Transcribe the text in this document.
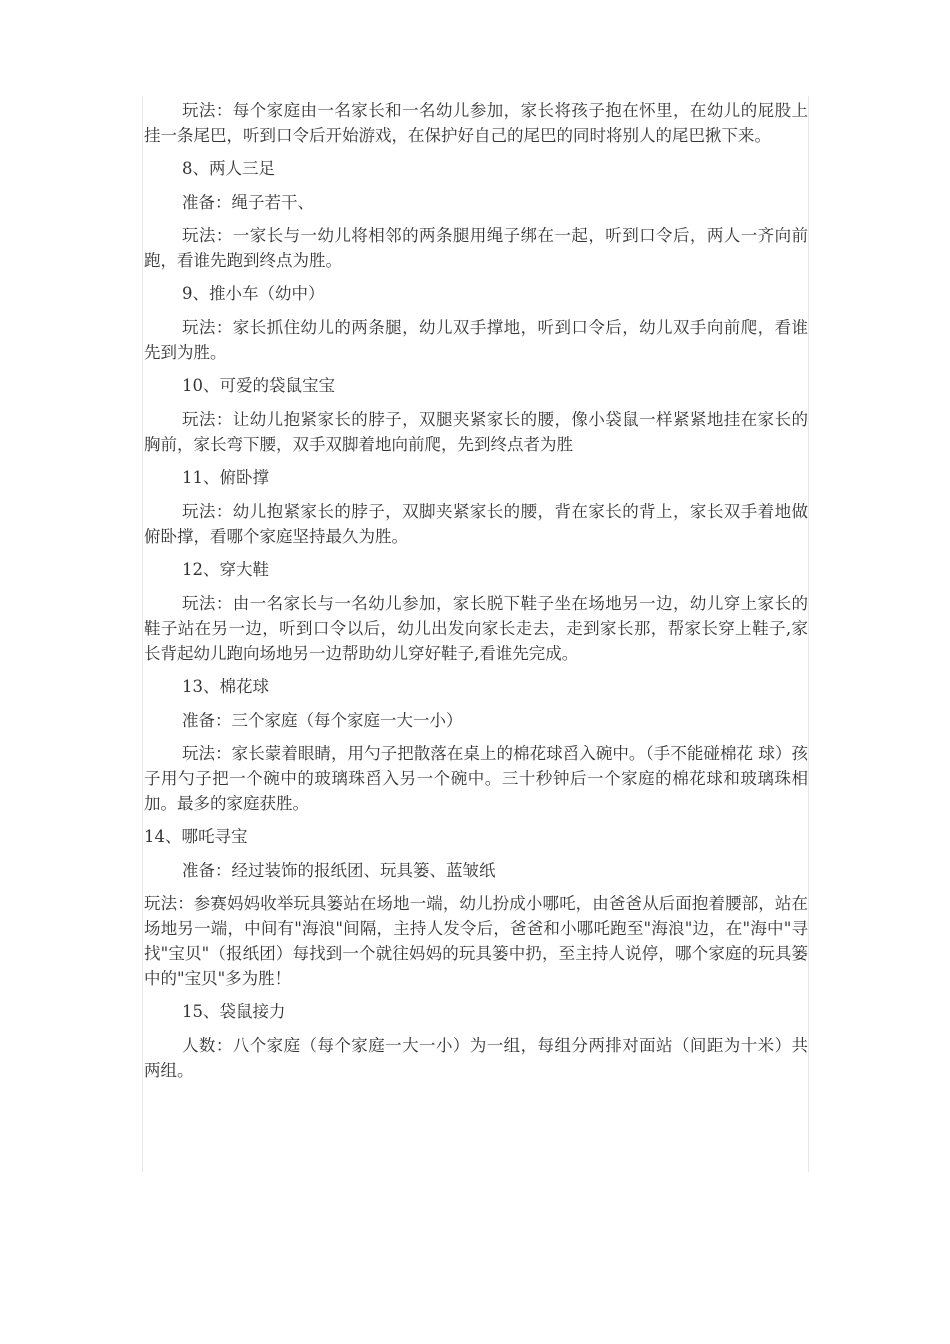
玩法：每个家庭由一名家长和一名幼儿参加，家长将孩子抱在怀里，在幼儿的屁股上挂一条尾巴，听到口令后开始游戏，在保护好自己的尾巴的同时将别人的尾巴揪下来。

8、两人三足

准备：绳子若干、

玩法：一家长与一幼儿将相邻的两条腿用绳子绑在一起，听到口令后，两人一齐向前跑，看谁先跑到终点为胜。

9、推小车（幼中）

玩法：家长抓住幼儿的两条腿，幼儿双手撑地，听到口令后，幼儿双手向前爬，看谁先到为胜。

10、可爱的袋鼠宝宝

玩法：让幼儿抱紧家长的脖子，双腿夹紧家长的腰，像小袋鼠一样紧紧地挂在家长的胸前，家长弯下腰，双手双脚着地向前爬，先到终点者为胜

11、俯卧撑

玩法：幼儿抱紧家长的脖子，双脚夹紧家长的腰，背在家长的背上，家长双手着地做俯卧撑，看哪个家庭坚持最久为胜。

12、穿大鞋

玩法：由一名家长与一名幼儿参加，家长脱下鞋子坐在场地另一边，幼儿穿上家长的鞋子站在另一边，听到口令以后，幼儿出发向家长走去，走到家长那，帮家长穿上鞋子,家长背起幼儿跑向场地另一边帮助幼儿穿好鞋子,看谁先完成。

13、棉花球

准备：三个家庭（每个家庭一大一小）

玩法：家长蒙着眼睛，用勺子把散落在桌上的棉花球舀入碗中。（手不能碰棉花 球）孩子用勺子把一个碗中的玻璃珠舀入另一个碗中。三十秒钟后一个家庭的棉花球和玻璃珠相加。最多的家庭获胜。

14、哪吒寻宝

准备：经过装饰的报纸团、玩具篓、蓝皱纸

玩法：参赛妈妈收举玩具篓站在场地一端，幼儿扮成小哪吒，由爸爸从后面抱着腰部，站在场地另一端，中间有"海浪"间隔，主持人发令后，爸爸和小哪吒跑至"海浪"边，在"海中"寻找"宝贝"（报纸团）每找到一个就往妈妈的玩具篓中扔，至主持人说停，哪个家庭的玩具篓中的"宝贝"多为胜！

15、袋鼠接力

人数：八个家庭（每个家庭一大一小）为一组，每组分两排对面站（间距为十米）共两组。
